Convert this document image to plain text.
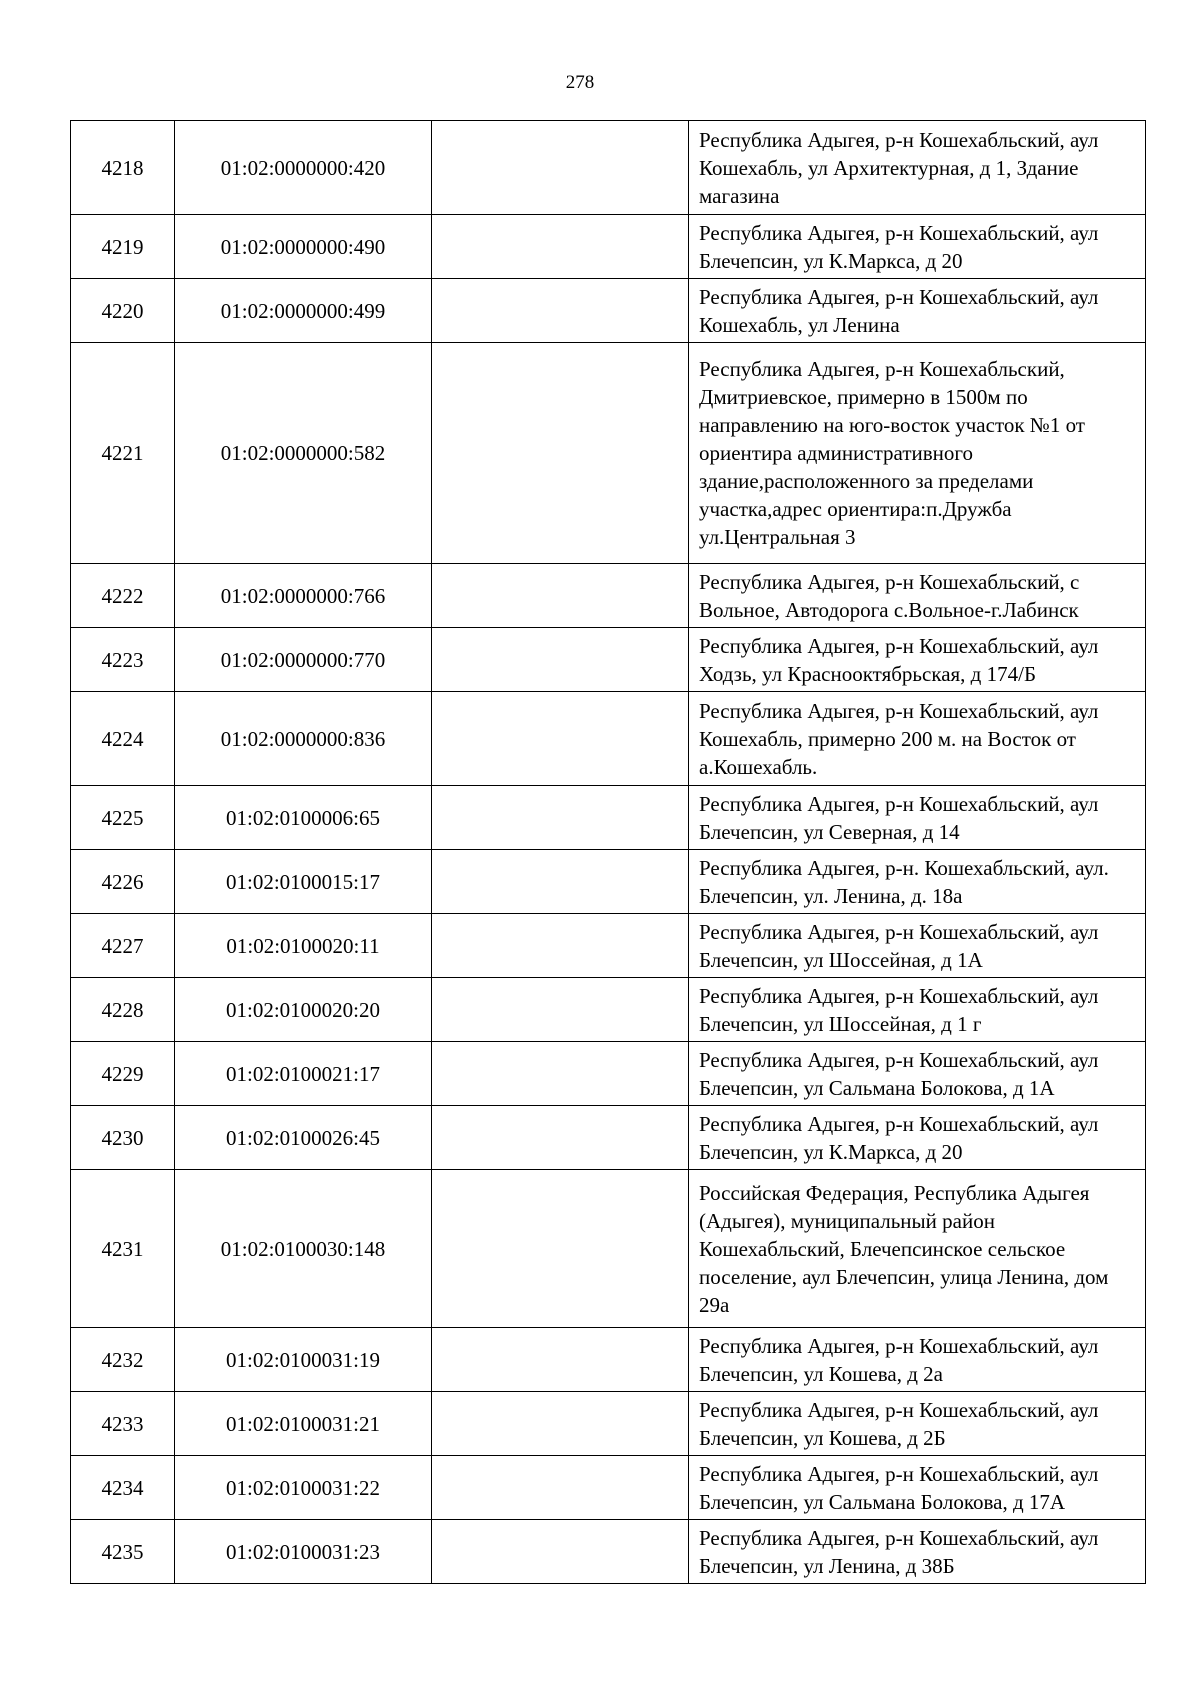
278
4218	01:02:0000000:420		Республика Адыгея, р-н Кошехабльский, аул Кошехабль, ул Архитектурная, д 1, Здание магазина
4219	01:02:0000000:490		Республика Адыгея, р-н Кошехабльский, аул Блечепсин, ул К.Маркса, д 20
4220	01:02:0000000:499		Республика Адыгея, р-н Кошехабльский, аул Кошехабль, ул Ленина
4221	01:02:0000000:582		Республика Адыгея, р-н Кошехабльский, Дмитриевское, примерно в 1500м по направлению на юго-восток участок №1 от ориентира административного здание,расположенного за пределами участка,адрес ориентира:п.Дружба ул.Центральная 3
4222	01:02:0000000:766		Республика Адыгея, р-н Кошехабльский, с Вольное, Автодорога с.Вольное-г.Лабинск
4223	01:02:0000000:770		Республика Адыгея, р-н Кошехабльский, аул Ходзь, ул Краснооктябрьская, д 174/Б
4224	01:02:0000000:836		Республика Адыгея, р-н Кошехабльский, аул Кошехабль, примерно 200 м. на Восток от а.Кошехабль.
4225	01:02:0100006:65		Республика Адыгея, р-н Кошехабльский, аул Блечепсин, ул Северная, д 14
4226	01:02:0100015:17		Республика Адыгея, р-н. Кошехабльский, аул. Блечепсин, ул. Ленина, д. 18а
4227	01:02:0100020:11		Республика Адыгея, р-н Кошехабльский, аул Блечепсин, ул Шоссейная, д 1А
4228	01:02:0100020:20		Республика Адыгея, р-н Кошехабльский, аул Блечепсин, ул Шоссейная, д 1 г
4229	01:02:0100021:17		Республика Адыгея, р-н Кошехабльский, аул Блечепсин, ул Сальмана Болокова, д 1А
4230	01:02:0100026:45		Республика Адыгея, р-н Кошехабльский, аул Блечепсин, ул К.Маркса, д 20
4231	01:02:0100030:148		Российская Федерация, Республика Адыгея (Адыгея), муниципальный район Кошехабльский, Блечепсинское сельское поселение, аул Блечепсин, улица Ленина, дом 29а
4232	01:02:0100031:19		Республика Адыгея, р-н Кошехабльский, аул Блечепсин, ул Кошева, д 2а
4233	01:02:0100031:21		Республика Адыгея, р-н Кошехабльский, аул Блечепсин, ул Кошева, д 2Б
4234	01:02:0100031:22		Республика Адыгея, р-н Кошехабльский, аул Блечепсин, ул Сальмана Болокова, д 17А
4235	01:02:0100031:23		Республика Адыгея, р-н Кошехабльский, аул Блечепсин, ул Ленина, д 38Б
